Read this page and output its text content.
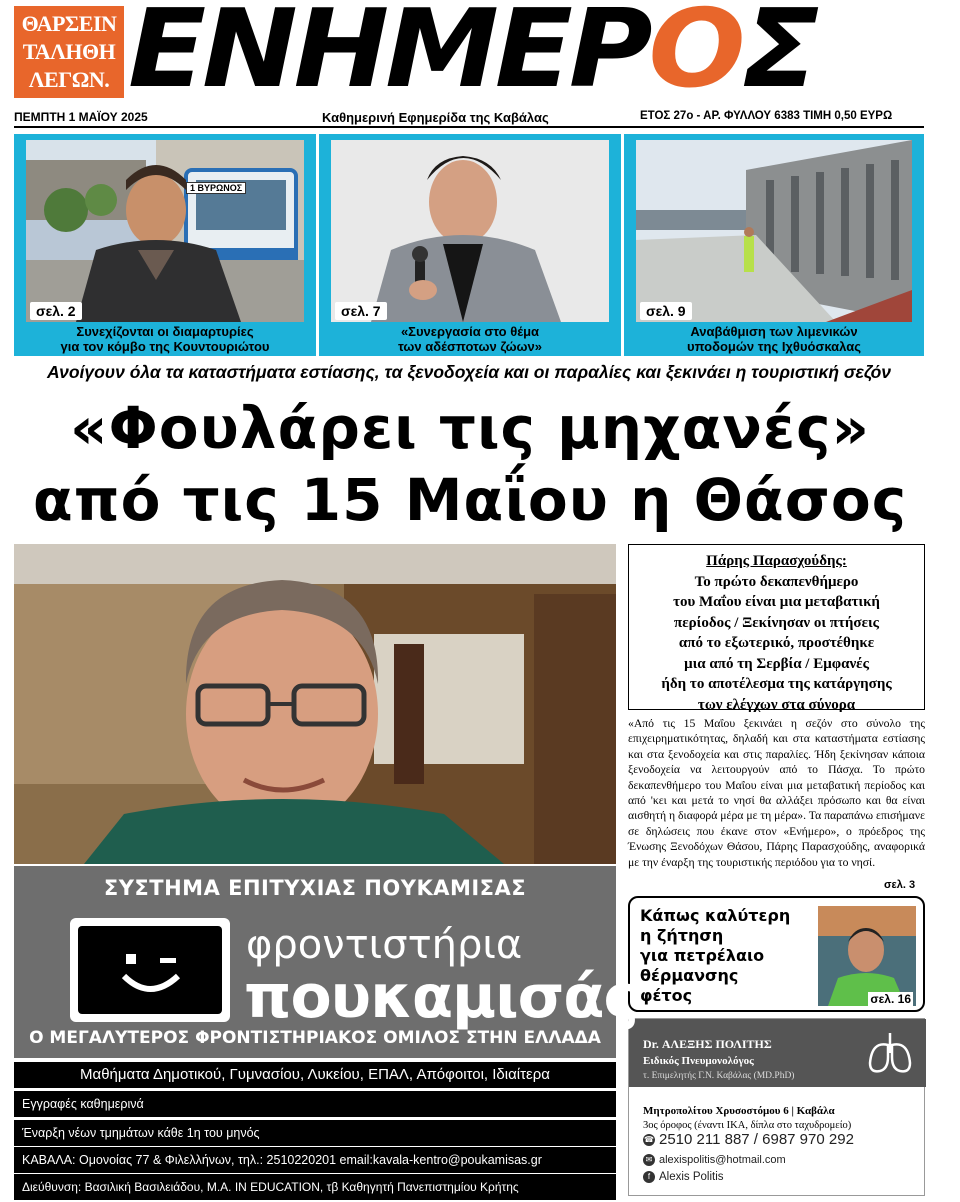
ΘΑΡΣΕΙΝ
ΤΑΛΗΘΗ
ΛΕΓΩΝ. ΕΝΗΜΕΡΟΣ
ΠΕΜΠΤΗ 1 ΜΑΪΟΥ 2025	Καθημερινή Εφημερίδα της Καβάλας	ΕΤΟΣ 27ο - ΑΡ. ΦΥΛΛΟΥ 6383 ΤΙΜΗ 0,50 ΕΥΡΩ
1 ΒΥΡΩΝΟΣ
σελ. 2
Συνεχίζονται οι διαμαρτυρίες
για τον κόμβο της Κουντουριώτου
σελ. 7
«Συνεργασία στο θέμα
των αδέσποτων ζώων»
σελ. 9
Αναβάθμιση των λιμενικών
υποδομών της Ιχθυόσκαλας
Ανοίγουν όλα τα καταστήματα εστίασης, τα ξενοδοχεία και οι παραλίες και ξεκινάει η τουριστική σεζόν
«Φουλάρει τις μηχανές»
από τις 15 Μαΐου η Θάσος
Πάρης Παρασχούδης:
Το πρώτο δεκαπενθήμερο
του Μαΐου είναι μια μεταβατική
περίοδος / Ξεκίνησαν οι πτήσεις
από το εξωτερικό, προστέθηκε
μια από τη Σερβία / Εμφανές
ήδη το αποτέλεσμα της κατάργησης
των ελέγχων στα σύνορα
«Από τις 15 Μαΐου ξεκινάει η σεζόν στο σύνολο της επιχειρηματικότητας, δηλαδή και στα καταστήματα εστίασης και στα ξενοδοχεία και στις παραλίες. Ήδη ξεκίνησαν κάποια ξενοδοχεία να λειτουργούν από το Πάσχα. Το πρώτο δεκαπενθήμερο του Μαΐου είναι μια μεταβατική περίοδος και από 'κει και μετά το νησί θα αλλάξει πρόσωπο και θα είναι αισθητή η διαφορά μέρα με τη μέρα». Τα παραπάνω επισήμανε σε δηλώσεις που έκανε στον «Ενήμερο», ο πρόεδρος της Ένωσης Ξενοδόχων Θάσου, Πάρης Παρασχούδης, αναφορικά με την έναρξη της τουριστικής περιόδου για το νησί.
σελ. 3
Κάπως καλύτερη
η ζήτηση
για πετρέλαιο
θέρμανσης
φέτος	σελ. 16
Dr. ΑΛΕΞΗΣ ΠΟΛΙΤΗΣ
Ειδικός Πνευμονολόγος
τ. Επιμελητής Γ.Ν. Καβάλας (MD.PhD)
Μητροπολίτου Χρυσοστόμου 6 | Καβάλα
3ος όροφος (έναντι ΙΚΑ, δίπλα στο ταχυδρομείο)
☎ 2510 211 887 / 6987 970 292
✉ alexispolitis@hotmail.com
f Alexis Politis
ΣΥΣΤΗΜΑ ΕΠΙΤΥΧΙΑΣ ΠΟΥΚΑΜΙΣΑΣ
φροντιστήρια
πουκαμισάς
Ο ΜΕΓΑΛΥΤΕΡΟΣ ΦΡΟΝΤΙΣΤΗΡΙΑΚΟΣ ΟΜΙΛΟΣ ΣΤΗΝ ΕΛΛΑΔΑ
Μαθήματα Δημοτικού, Γυμνασίου, Λυκείου, ΕΠΑΛ, Απόφοιτοι, Ιδιαίτερα
Εγγραφές καθημερινά
Έναρξη νέων τμημάτων κάθε 1η του μηνός
ΚΑΒΑΛΑ: Ομονοίας 77 & Φιλελλήνων, τηλ.: 2510220201 email:kavala-kentro@poukamisas.gr
Διεύθυνση: Βασιλική Βασιλειάδου, Μ.Α. IN EDUCATION, τβ Καθηγητή Πανεπιστημίου Κρήτης
